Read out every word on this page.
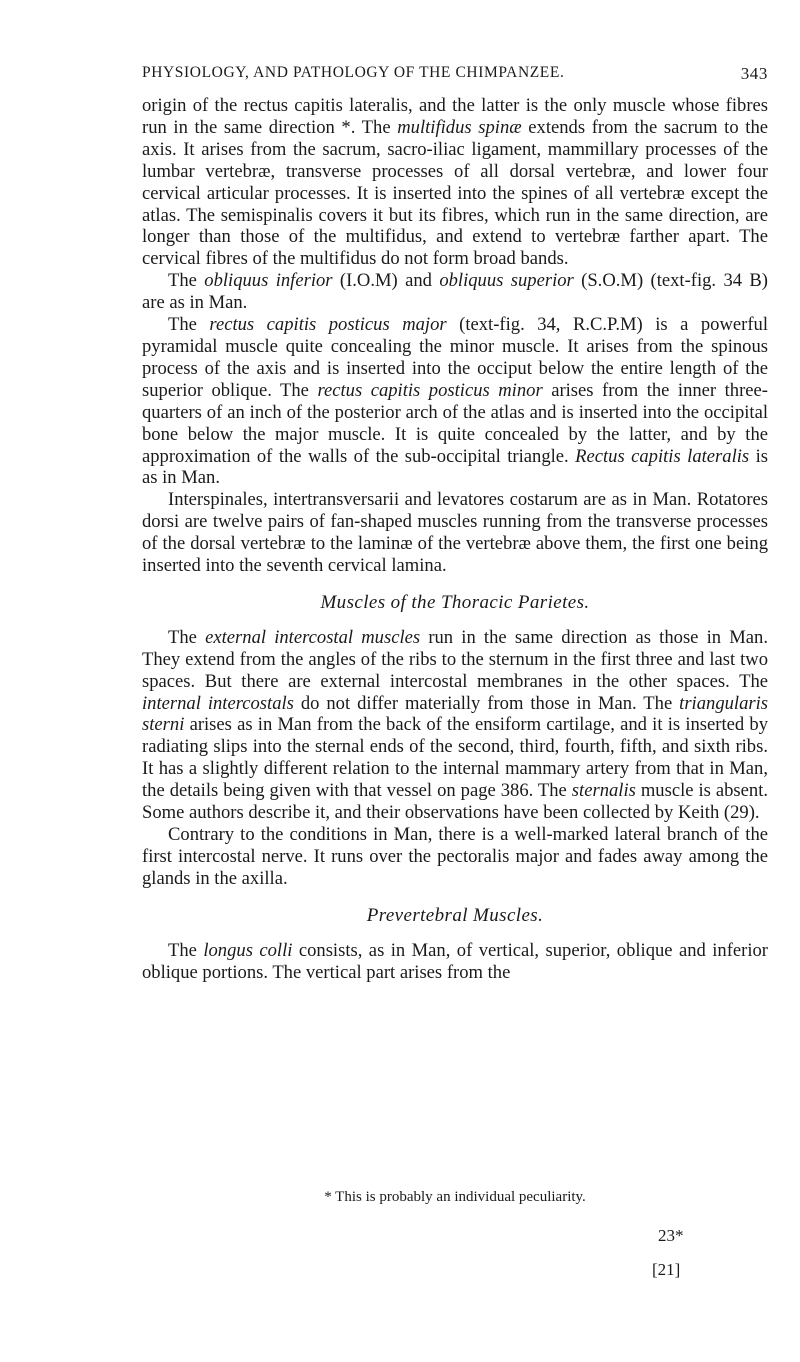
PHYSIOLOGY, AND PATHOLOGY OF THE CHIMPANZEE.	343

origin of the rectus capitis lateralis, and the latter is the only muscle whose fibres run in the same direction *. The multifidus spinæ extends from the sacrum to the axis. It arises from the sacrum, sacro-iliac ligament, mammillary processes of the lumbar vertebræ, transverse processes of all dorsal vertebræ, and lower four cervical articular processes. It is inserted into the spines of all vertebræ except the atlas. The semispinalis covers it but its fibres, which run in the same direction, are longer than those of the multifidus, and extend to vertebræ farther apart. The cervical fibres of the multifidus do not form broad bands.

The obliquus inferior (I.O.M) and obliquus superior (S.O.M) (text-fig. 34 B) are as in Man.

The rectus capitis posticus major (text-fig. 34, R.C.P.M) is a powerful pyramidal muscle quite concealing the minor muscle. It arises from the spinous process of the axis and is inserted into the occiput below the entire length of the superior oblique. The rectus capitis posticus minor arises from the inner three-quarters of an inch of the posterior arch of the atlas and is inserted into the occipital bone below the major muscle. It is quite concealed by the latter, and by the approximation of the walls of the sub-occipital triangle. Rectus capitis lateralis is as in Man.

Interspinales, intertransversarii and levatores costarum are as in Man. Rotatores dorsi are twelve pairs of fan-shaped muscles running from the transverse processes of the dorsal vertebræ to the laminæ of the vertebræ above them, the first one being inserted into the seventh cervical lamina.

Muscles of the Thoracic Parietes.

The external intercostal muscles run in the same direction as those in Man. They extend from the angles of the ribs to the sternum in the first three and last two spaces. But there are external intercostal membranes in the other spaces. The internal intercostals do not differ materially from those in Man. The triangularis sterni arises as in Man from the back of the ensiform cartilage, and it is inserted by radiating slips into the sternal ends of the second, third, fourth, fifth, and sixth ribs. It has a slightly different relation to the internal mammary artery from that in Man, the details being given with that vessel on page 386. The sternalis muscle is absent. Some authors describe it, and their observations have been collected by Keith (29).

Contrary to the conditions in Man, there is a well-marked lateral branch of the first intercostal nerve. It runs over the pectoralis major and fades away among the glands in the axilla.

Prevertebral Muscles.

The longus colli consists, as in Man, of vertical, superior, oblique and inferior oblique portions. The vertical part arises from the

* This is probably an individual peculiarity.
23*
[21]
